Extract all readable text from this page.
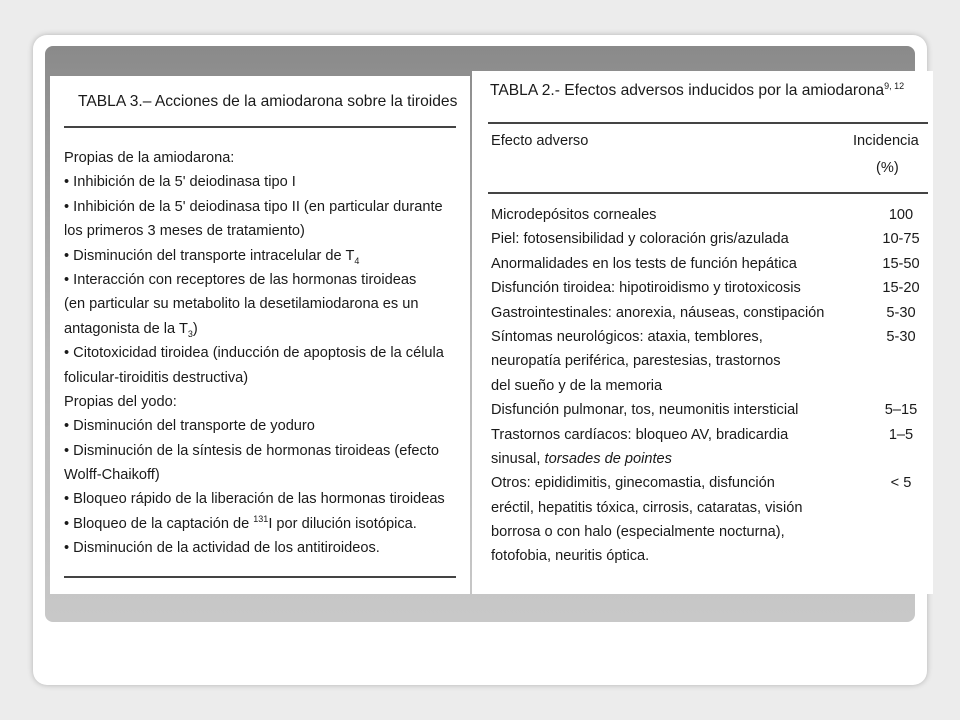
TABLA 3.– Acciones de la amiodarona sobre la tiroides
Propias de la amiodarona:
• Inhibición de la 5' deiodinasa tipo I
• Inhibición de la 5' deiodinasa tipo II (en particular durante
los primeros 3 meses de tratamiento)
• Disminución del transporte intracelular de $T_4$
• Interacción con receptores de las hormonas tiroideas
(en particular su metabolito la desetilamiodarona es un
antagonista de la $T_3$)
• Citotoxicidad tiroidea (inducción de apoptosis de la célula
folicular-tiroiditis destructiva)
Propias del yodo:
• Disminución del transporte de yoduro
• Disminución de la síntesis de hormonas tiroideas (efecto
Wolff-Chaikoff)
• Bloqueo rápido de la liberación de las hormonas tiroideas
• Bloqueo de la captación de $^{131}$I por dilución isotópica.
• Disminución de la actividad de los antitiroideos.
TABLA 2.- Efectos adversos inducidos por la amiodarona$^{9, 12}$
Efecto adverso	Incidencia
(%)
Microdepósitos corneales	100
Piel: fotosensibilidad y coloración gris/azulada	10-75
Anormalidades en los tests de función hepática	15-50
Disfunción tiroidea: hipotiroidismo y tirotoxicosis	15-20
Gastrointestinales: anorexia, náuseas, constipación	5-30
Síntomas neurológicos: ataxia, temblores,	5-30
neuropatía periférica, parestesias, trastornos
del sueño y de la memoria
Disfunción pulmonar, tos, neumonitis intersticial	5–15
Trastornos cardíacos: bloqueo AV, bradicardia	1–5
sinusal, torsades de pointes
Otros: epididimitis, ginecomastia, disfunción	< 5
eréctil, hepatitis tóxica, cirrosis, cataratas, visión
borrosa o con halo (especialmente nocturna),
fotofobia, neuritis óptica.
